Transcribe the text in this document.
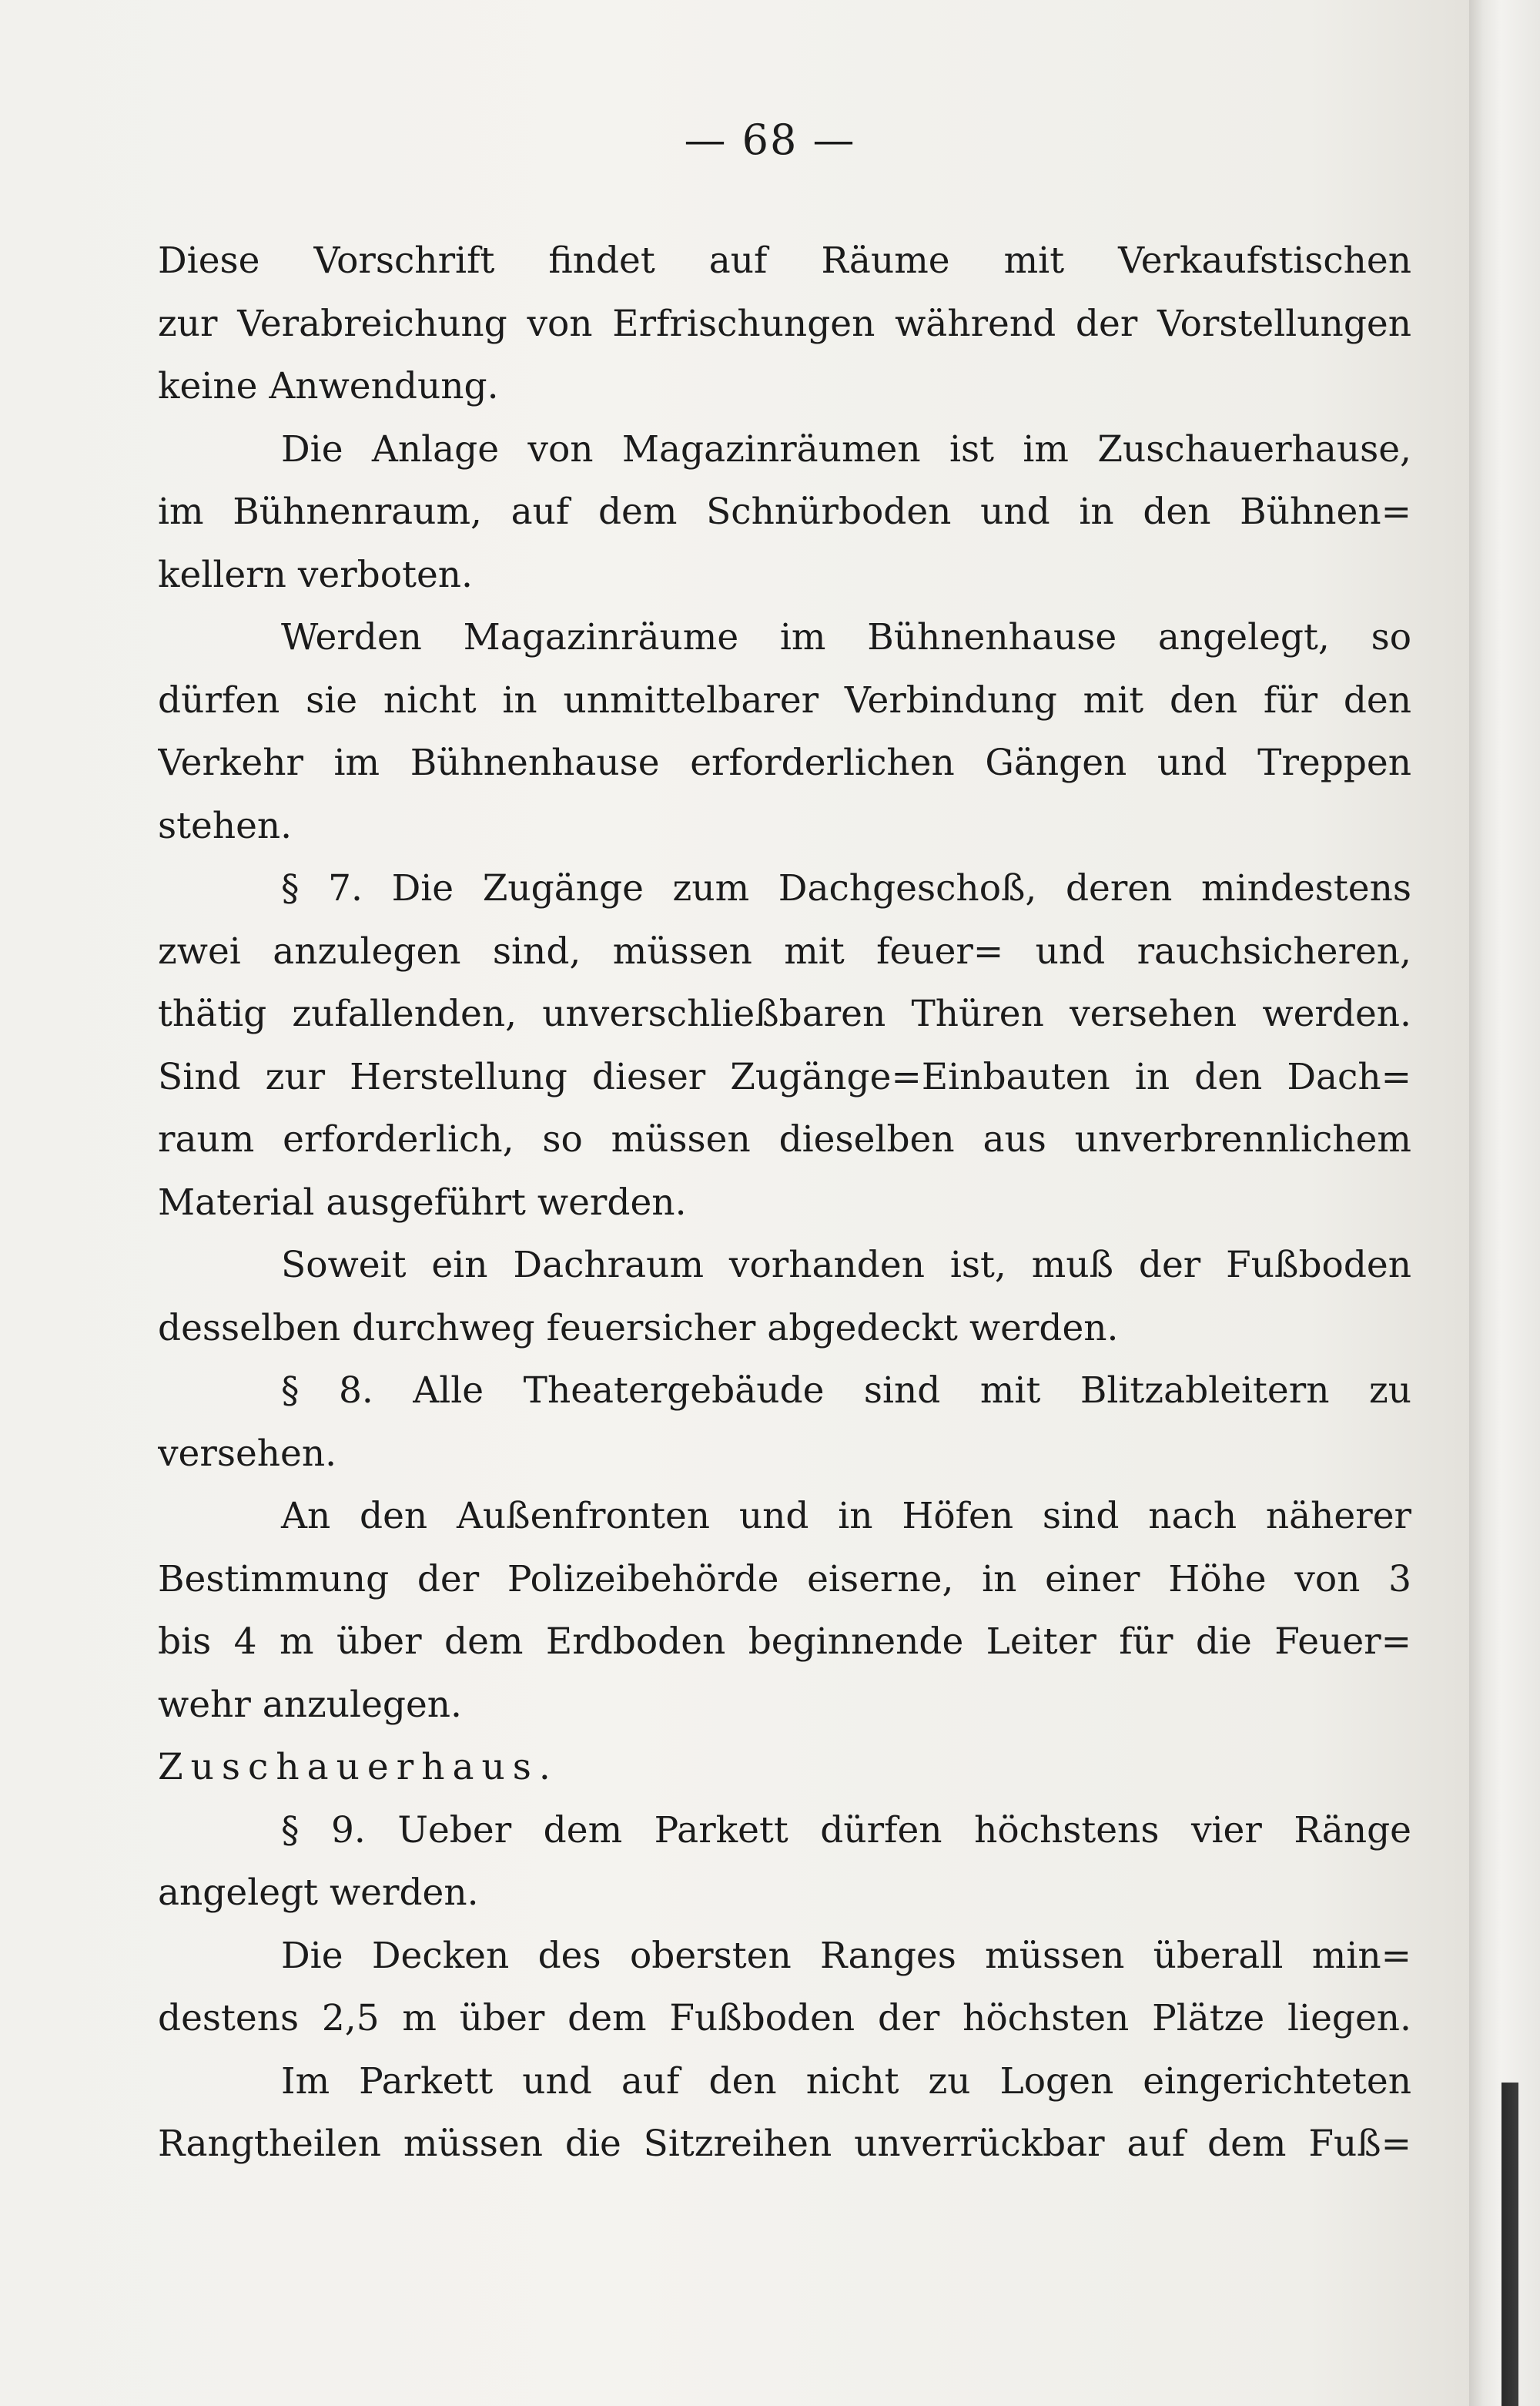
— 68 —
Diese Vorschrift findet auf Räume mit Verkaufstischen
zur Verabreichung von Erfrischungen während der Vorstellungen
keine Anwendung.
Die Anlage von Magazinräumen ist im Zuschauerhause,
im Bühnenraum, auf dem Schnürboden und in den Bühnen=
kellern verboten.
Werden Magazinräume im Bühnenhause angelegt, so
dürfen sie nicht in unmittelbarer Verbindung mit den für den
Verkehr im Bühnenhause erforderlichen Gängen und Treppen
stehen.
§ 7. Die Zugänge zum Dachgeschoß, deren mindestens
zwei anzulegen sind, müssen mit feuer= und rauchsicheren,
thätig zufallenden, unverschließbaren Thüren versehen werden.
Sind zur Herstellung dieser Zugänge=Einbauten in den Dach=
raum erforderlich, so müssen dieselben aus unverbrennlichem
Material ausgeführt werden.
Soweit ein Dachraum vorhanden ist, muß der Fußboden
desselben durchweg feuersicher abgedeckt werden.
§ 8. Alle Theatergebäude sind mit Blitzableitern zu
versehen.
An den Außenfronten und in Höfen sind nach näherer
Bestimmung der Polizeibehörde eiserne, in einer Höhe von 3
bis 4 m über dem Erdboden beginnende Leiter für die Feuer=
wehr anzulegen.
Zuschauerhaus.
§ 9. Ueber dem Parkett dürfen höchstens vier Ränge
angelegt werden.
Die Decken des obersten Ranges müssen überall min=
destens 2,5 m über dem Fußboden der höchsten Plätze liegen.
Im Parkett und auf den nicht zu Logen eingerichteten
Rangtheilen müssen die Sitzreihen unverrückbar auf dem Fuß=
